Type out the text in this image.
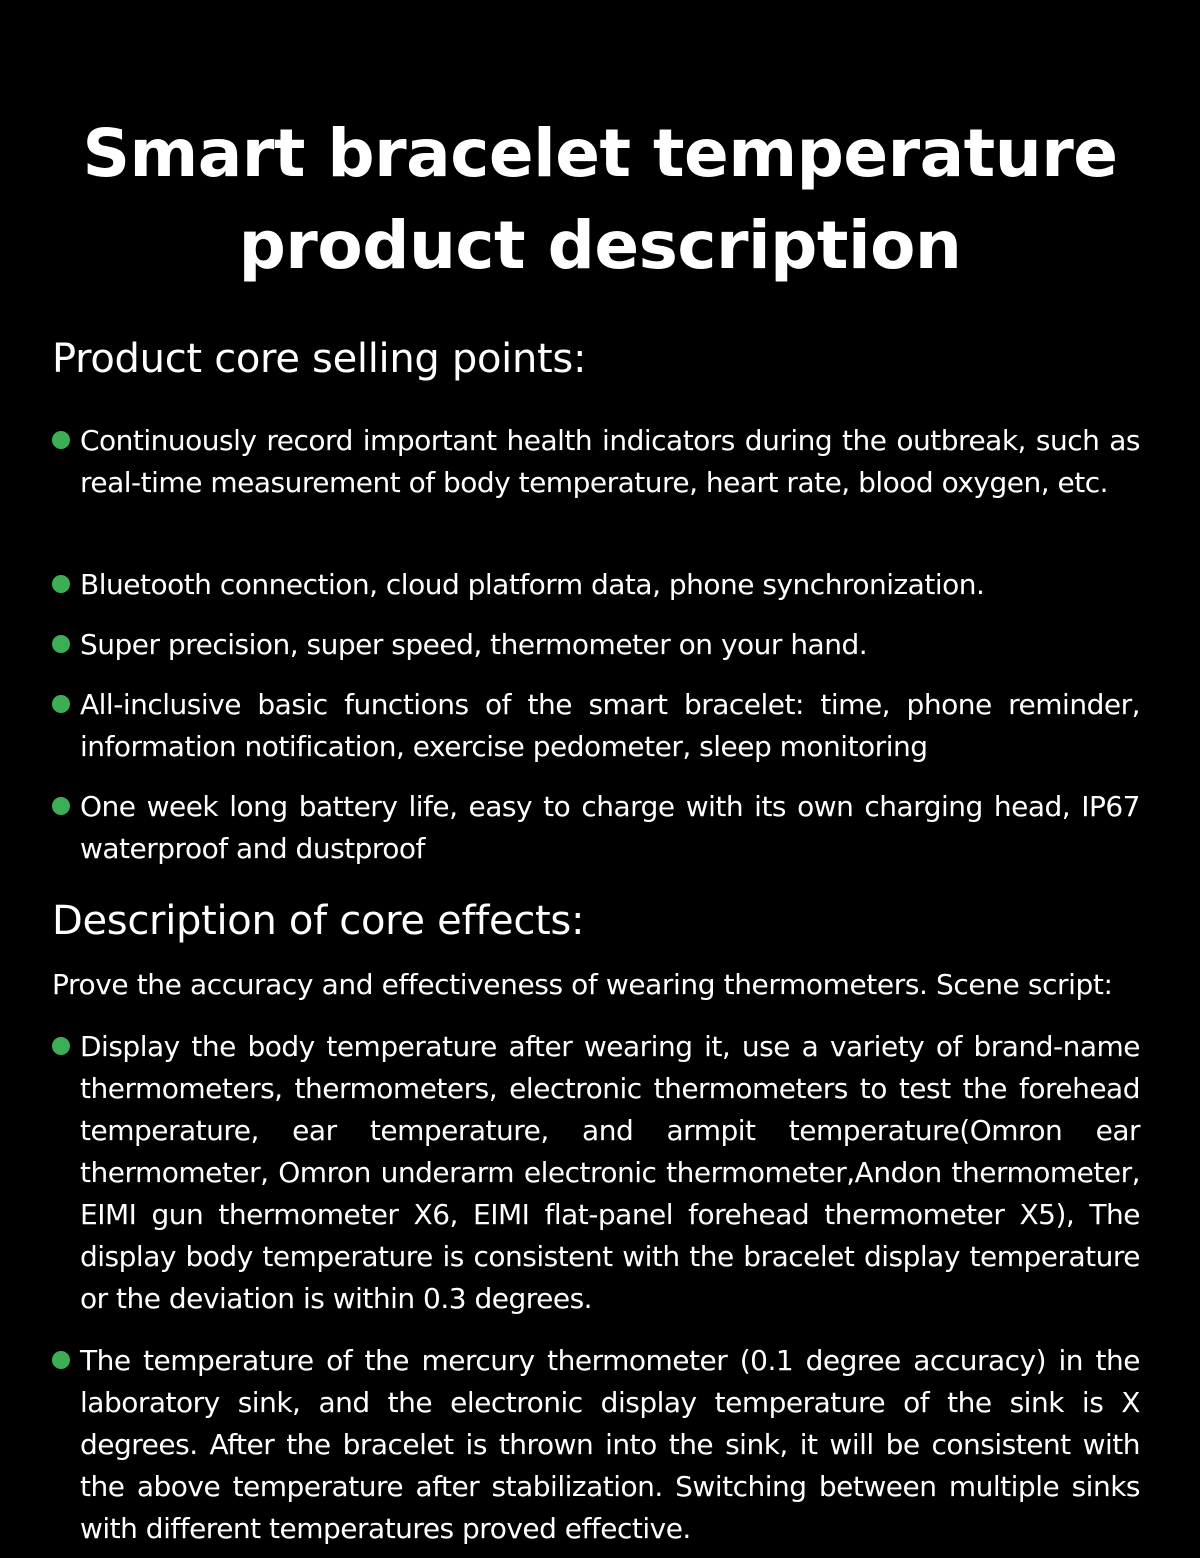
Smart bracelet temperature
product description
Product core selling points:
Continuously record important health indicators during the outbreak, such as real-time measurement of body temperature, heart rate, blood oxygen, etc.
Bluetooth connection, cloud platform data, phone synchronization.
Super precision, super speed, thermometer on your hand.
All-inclusive basic functions of the smart bracelet: time, phone reminder, information notification, exercise pedometer, sleep monitoring
One week long battery life, easy to charge with its own charging head, IP67 waterproof and dustproof
Description of core effects:

Prove the accuracy and effectiveness of wearing thermometers. Scene script:

Display the body temperature after wearing it, use a variety of brand-name thermometers, thermometers, electronic thermometers to test the forehead temperature, ear temperature, and armpit temperature(Omron ear thermometer, Omron underarm electronic thermometer,Andon thermometer, EIMI gun thermometer X6, EIMI flat-panel forehead thermometer X5), The display body temperature is consistent with the bracelet display temperature or the deviation is within 0.3 degrees.
The temperature of the mercury thermometer (0.1 degree accuracy) in the laboratory sink, and the electronic display temperature of the sink is X degrees. After the bracelet is thrown into the sink, it will be consistent with the above temperature after stabilization. Switching between multiple sinks with different temperatures proved effective.
